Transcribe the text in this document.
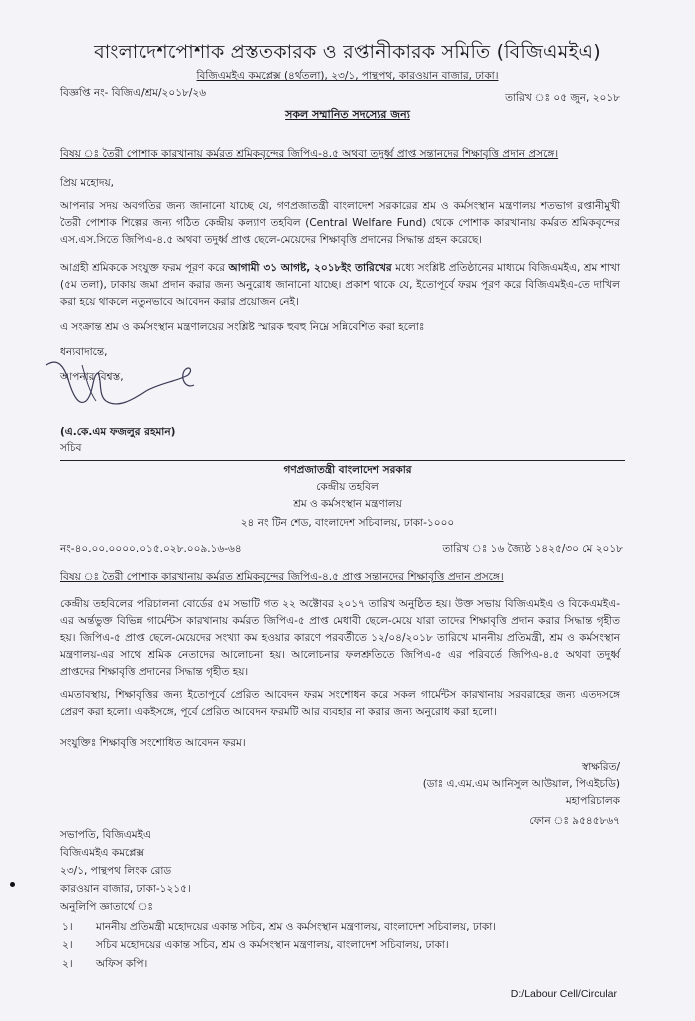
বাংলাদেশপোশাক প্রস্ততকারক ও রপ্তানীকারক সমিতি (বিজিএমইএ)
বিজিএমইএ কমপ্লেক্স (৪র্থতলা), ২৩/১, পান্থপথ, কারওয়ান বাজার, ঢাকা।
বিজ্ঞপ্তি নং- বিজিএ/শ্রম/২০১৮/২৬	তারিখ ঃ ০৫ জুন, ২০১৮
সকল সম্মানিত সদস্যের জন্য
বিষয় ঃ তৈরী পোশাক কারখানায় কর্মরত শ্রমিকবৃন্দের জিপিএ-৪.৫ অথবা তদুর্ধ্ব প্রাপ্ত সন্তানদের শিক্ষাবৃত্তি প্রদান প্রসঙ্গে।
প্রিয় মহোদয়,
আপনার সদয় অবগতির জন্য জানানো যাচ্ছে যে, গণপ্রজাতন্ত্রী বাংলাদেশ সরকারের শ্রম ও কর্মসংস্থান মন্ত্রণালয় শতভাগ রপ্তানীমুখী তৈরী পোশাক শিল্পের জন্য গঠিত কেন্দ্রীয় কল্যাণ তহবিল (Central Welfare Fund) থেকে পোশাক কারখানায় কর্মরত শ্রমিকবৃন্দের এস.এস.সিতে জিপিএ-৪.৫ অথবা তদুর্ধ্ব প্রাপ্ত ছেলে-মেয়েদের শিক্ষাবৃত্তি প্রদানের সিদ্ধান্ত গ্রহন করেছে।
আগ্রহী শ্রমিককে সংযুক্ত ফরম পূরণ করে আগামী ৩১ আগষ্ট, ২০১৮ইং তারিখের মধ্যে সংশ্লিষ্ট প্রতিষ্ঠানের মাধ্যমে বিজিএমইএ, শ্রম শাখা (৫ম তলা), ঢাকায় জমা প্রদান করার জন্য অনুরোধ জানানো যাচ্ছে। প্রকাশ থাকে যে, ইতোপূর্বে ফরম পূরণ করে বিজিএমইএ-তে দাখিল করা হয়ে থাকলে নতুনভাবে আবেদন করার প্রয়োজন নেই।
এ সংক্রান্ত শ্রম ও কর্মসংস্থান মন্ত্রণালয়ের সংশ্লিষ্ট স্মারক হুবহু নিম্নে সন্নিবেশিত করা হলোঃ
ধন্যবাদান্তে,
আপনার বিশ্বস্ত,
(এ.কে.এম ফজলুর রহমান)
সচিব
গণপ্রজাতন্ত্রী বাংলাদেশ সরকার
কেন্দ্রীয় তহবিল
শ্রম ও কর্মসংস্থান মন্ত্রণালয়
২৪ নং টিন শেড, বাংলাদেশ সচিবালয়, ঢাকা-১০০০
নং-৪০.০০.০০০০.০১৫.০২৮.০০৯.১৬-৬৪	তারিখ ঃ ১৬ জ্যৈষ্ঠ ১৪২৫/৩০ মে ২০১৮
বিষয় ঃ তৈরী পোশাক কারখানায় কর্মরত শ্রমিকবৃন্দের জিপিএ-৪.৫ প্রাপ্ত সন্তানদের শিক্ষাবৃত্তি প্রদান প্রসঙ্গে।
কেন্দ্রীয় তহবিলের পরিচালনা বোর্ডের ৫ম সভাটি গত ২২ অক্টোবর ২০১৭ তারিখ অনুষ্ঠিত হয়। উক্ত সভায় বিজিএমইএ ও বিকেএমইএ-এর অর্ন্তভুক্ত বিভিন্ন গার্মেন্টস কারখানায় কর্মরত জিপিএ-৫ প্রাপ্ত মেধাবী ছেলে-মেয়ে যারা তাদের শিক্ষাবৃত্তি প্রদান করার সিদ্ধান্ত গৃহীত হয়। জিপিএ-৫ প্রাপ্ত ছেলে-মেয়েদের সংখ্যা কম হওয়ার কারণে পরবর্তীতে ১২/০৪/২০১৮ তারিখে মাননীয় প্রতিমন্ত্রী, শ্রম ও কর্মসংস্থান মন্ত্রণালয়-এর সাথে শ্রমিক নেতাদের আলোচনা হয়। আলোচনার ফলশ্রুতিতে জিপিএ-৫ এর পরিবর্তে জিপিএ-৪.৫ অথবা তদুর্ধ্ব প্রাপ্তদের শিক্ষাবৃত্তি প্রদানের সিদ্ধান্ত গৃহীত হয়।
এমতাবস্থায়, শিক্ষাবৃত্তির জন্য ইতোপূর্বে প্রেরিত আবেদন ফরম সংশোধন করে সকল গার্মেন্টস কারখানায় সরবরাহের জন্য এতদসঙ্গে প্রেরণ করা হলো। একইসঙ্গে, পূর্বে প্রেরিত আবেদন ফরমটি আর ব্যবহার না করার জন্য অনুরোধ করা হলো।
সংযুক্তিঃ শিক্ষাবৃত্তি সংশোধিত আবেদন ফরম।
স্বাক্ষরিত/
(ডাঃ এ.এম.এম আনিসুল আউয়াল, পিএইচডি)
মহাপরিচালক
ফোন ঃ ৯৫৪৫৮৬৭
সভাপতি, বিজিএমইএ
বিজিএমইএ কমপ্লেক্স
২৩/১, পান্থপথ লিংক রোড
কারওয়ান বাজার, ঢাকা-১২১৫।
অনুলিপি জ্ঞাতার্থে ঃ
১। মাননীয় প্রতিমন্ত্রী মহোদয়ের একান্ত সচিব, শ্রম ও কর্মসংস্থান মন্ত্রণালয়, বাংলাদেশ সচিবালয়, ঢাকা।
২। সচিব মহোদয়ের একান্ত সচিব, শ্রম ও কর্মসংস্থান মন্ত্রণালয়, বাংলাদেশ সচিবালয়, ঢাকা।
২। অফিস কপি।
D:/Labour Cell/Circular
